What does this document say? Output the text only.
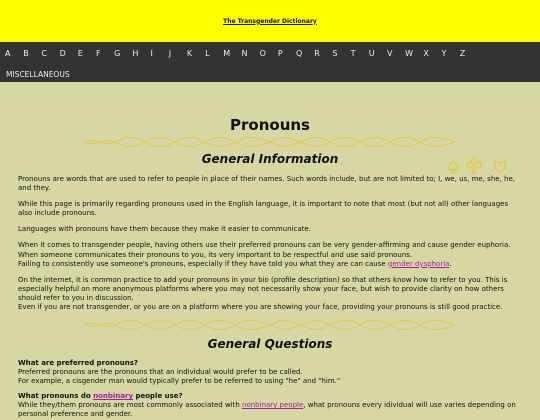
The Transgender Dictionary
A	B	C	D	E	F	G	H	I	J	K	L	M	N	O	P	Q	R	S	T	U	V	W	X	Y	Z
MISCELLANEOUS
Pronouns
General Information

Pronouns are words that are used to refer to people in place of their names. Such words include, but are not limited to; I, we, us, me, she, he, and they.

While this page is primarily regarding pronouns used in the English language, it is important to note that most (but not all) other languages also include pronouns.

Languages with pronouns have them because they make it easier to communicate.

When it comes to transgender people, having others use their preferred pronouns can be very gender-affirming and cause gender euphoria.
When someone communicates their pronouns to you, its very important to be respectful and use said pronouns.
Failing to consistently use someone's pronouns, especially if they have told you what they are can cause gender dysphoria.

On the internet, it is common practice to add your pronouns in your bio (profile description) so that others know how to refer to you. This is especially helpful on more anonymous platforms where you may not necessarily show your face, but wish to provide clarity on how others should refer to you in discussion.
Even if you are not transgender, or you are on a platform where you are showing your face, providing your pronouns is still good practice.

General Questions
What are preferred pronouns?
Preferred pronouns are the pronouns that an individual would prefer to be called.
For example, a cisgender man would typically prefer to be referred to using "he" and "him."
What pronouns do nonbinary people use?
While they/them pronouns are most commonly associated with nonbinary people, what pronouns every idividual will use varies depending on personal preference and gender.
